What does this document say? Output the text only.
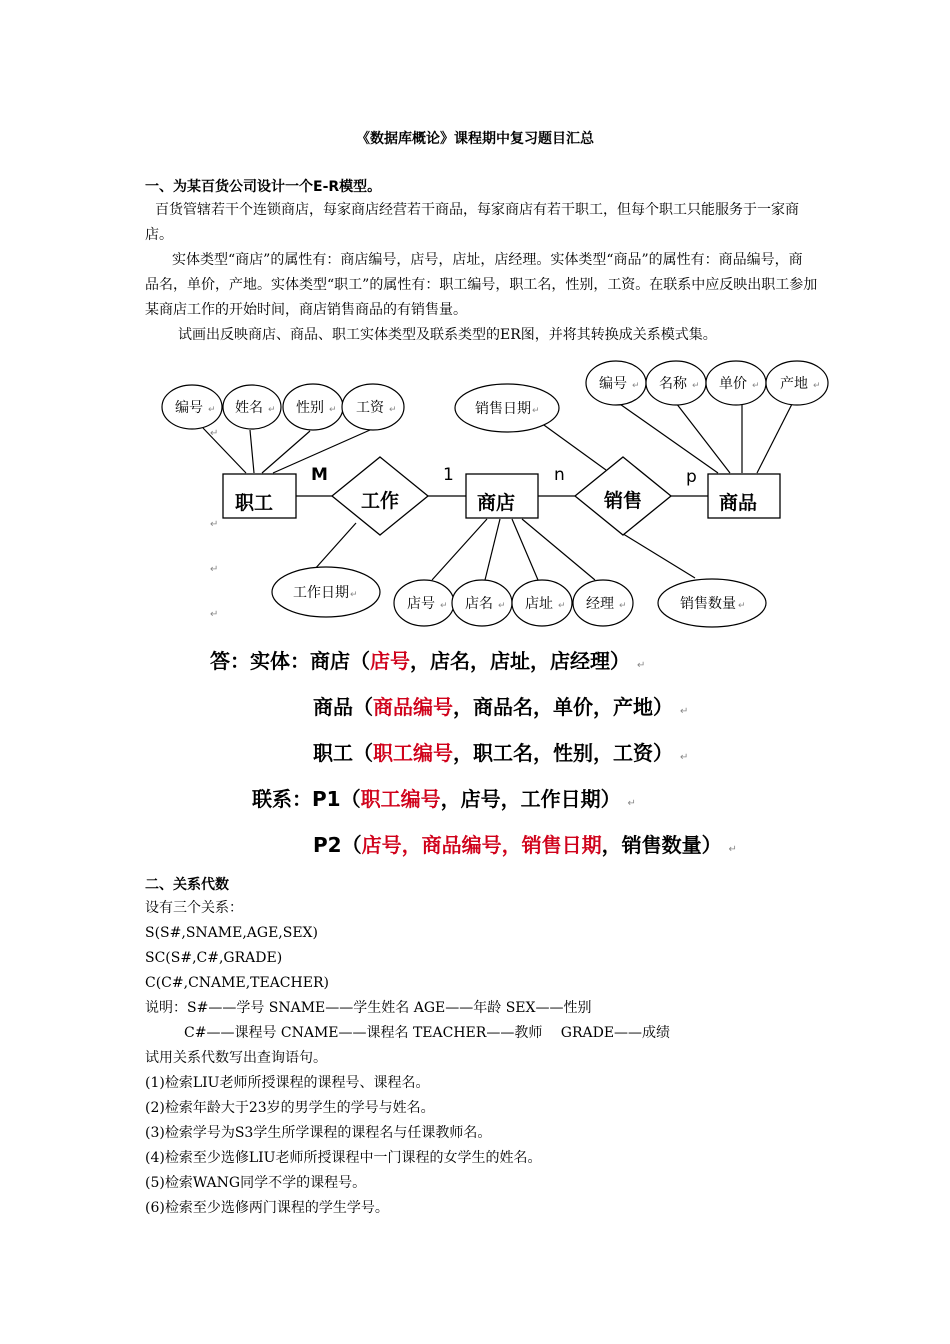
《数据库概论》课程期中复习题目汇总
一、为某百货公司设计一个E-R模型。
百货管辖若干个连锁商店，每家商店经营若干商品，每家商店有若干职工，但每个职工只能服务于一家商
店。
实体类型“商店”的属性有：商店编号，店号，店址，店经理。实体类型“商品”的属性有：商品编号，商
品名，单价，产地。实体类型“职工”的属性有：职工编号，职工名，性别，工资。在联系中应反映出职工参加
某商店工作的开始时间，商店销售商品的有销售量。
试画出反映商店、商品、职工实体类型及联系类型的ER图，并将其转换成关系模式集。
编号 ↵ 姓名 ↵ 性别 ↵ 工资 ↵
编号 ↵ 名称 ↵ 单价 ↵ 产地 ↵
店号 ↵ 店名 ↵ 店址 ↵ 经理 ↵
销售日期 ↵
工作日期 ↵
销售数量 ↵
职工	商店	商品
工作	销售
M	1	n	p
↵
↵
↵
↵
答：实体：商店（店号，店名，店址，店经理） ↵
商品（商品编号，商品名，单价，产地） ↵
职工（职工编号，职工名，性别，工资） ↵
联系：P1（职工编号，店号，工作日期） ↵
P2（店号，商品编号，销售日期，销售数量） ↵
二、关系代数
设有三个关系：
S(S#,SNAME,AGE,SEX)
SC(S#,C#,GRADE)
C(C#,CNAME,TEACHER)
说明：S#——学号 SNAME——学生姓名 AGE——年龄 SEX——性别
C#——课程号 CNAME——课程名 TEACHER——教师　 GRADE——成绩
试用关系代数写出查询语句。
(1)检索LIU老师所授课程的课程号、课程名。
(2)检索年龄大于23岁的男学生的学号与姓名。
(3)检索学号为S3学生所学课程的课程名与任课教师名。
(4)检索至少选修LIU老师所授课程中一门课程的女学生的姓名。
(5)检索WANG同学不学的课程号。
(6)检索至少选修两门课程的学生学号。
